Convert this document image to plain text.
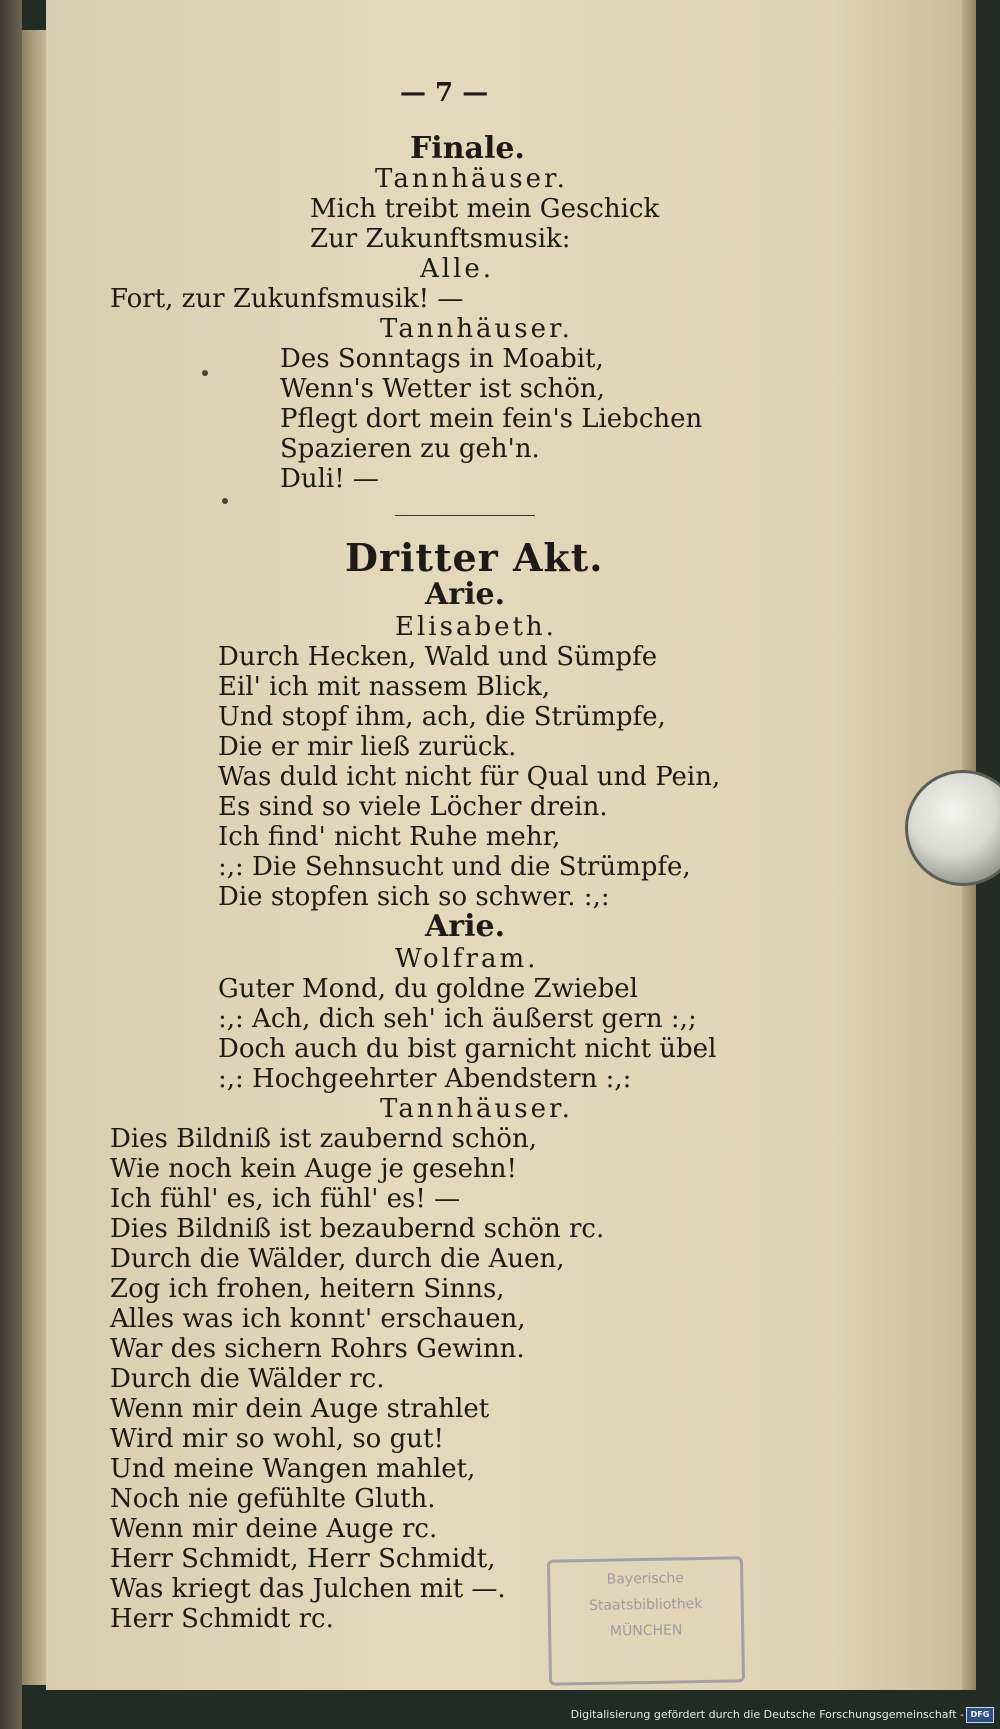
Bayerische
Staatsbibliothek
MÜNCHEN
— 7 —
Finale.
Tannhäuser.
Mich treibt mein Geschick
Zur Zukunftsmusik:
Alle.
Fort, zur Zukunfsmusik! —
Tannhäuser.
Des Sonntags in Moabit,
Wenn's Wetter ist schön,
Pflegt dort mein fein's Liebchen
Spazieren zu geh'n.
Duli! —
Dritter Akt.
Arie.
Elisabeth.
Durch Hecken, Wald und Sümpfe
Eil' ich mit nassem Blick,
Und stopf ihm, ach, die Strümpfe,
Die er mir ließ zurück.
Was duld icht nicht für Qual und Pein,
Es sind so viele Löcher drein.
Ich find' nicht Ruhe mehr,
:,: Die Sehnsucht und die Strümpfe,
Die stopfen sich so schwer. :,:
Arie.
Wolfram.
Guter Mond, du goldne Zwiebel
:,: Ach, dich seh' ich äußerst gern :,;
Doch auch du bist garnicht nicht übel
:,: Hochgeehrter Abendstern :,:
Tannhäuser.
Dies Bildniß ist zaubernd schön,
Wie noch kein Auge je gesehn!
Ich fühl' es, ich fühl' es! —
Dies Bildniß ist bezaubernd schön rc.
Durch die Wälder, durch die Auen,
Zog ich frohen, heitern Sinns,
Alles was ich konnt' erschauen,
War des sichern Rohrs Gewinn.
Durch die Wälder rc.
Wenn mir dein Auge strahlet
Wird mir so wohl, so gut!
Und meine Wangen mahlet,
Noch nie gefühlte Gluth.
Wenn mir deine Auge rc.
Herr Schmidt, Herr Schmidt,
Was kriegt das Julchen mit —.
Herr Schmidt rc.
Digitalisierung gefördert durch die Deutsche Forschungsgemeinschaft - DFG
